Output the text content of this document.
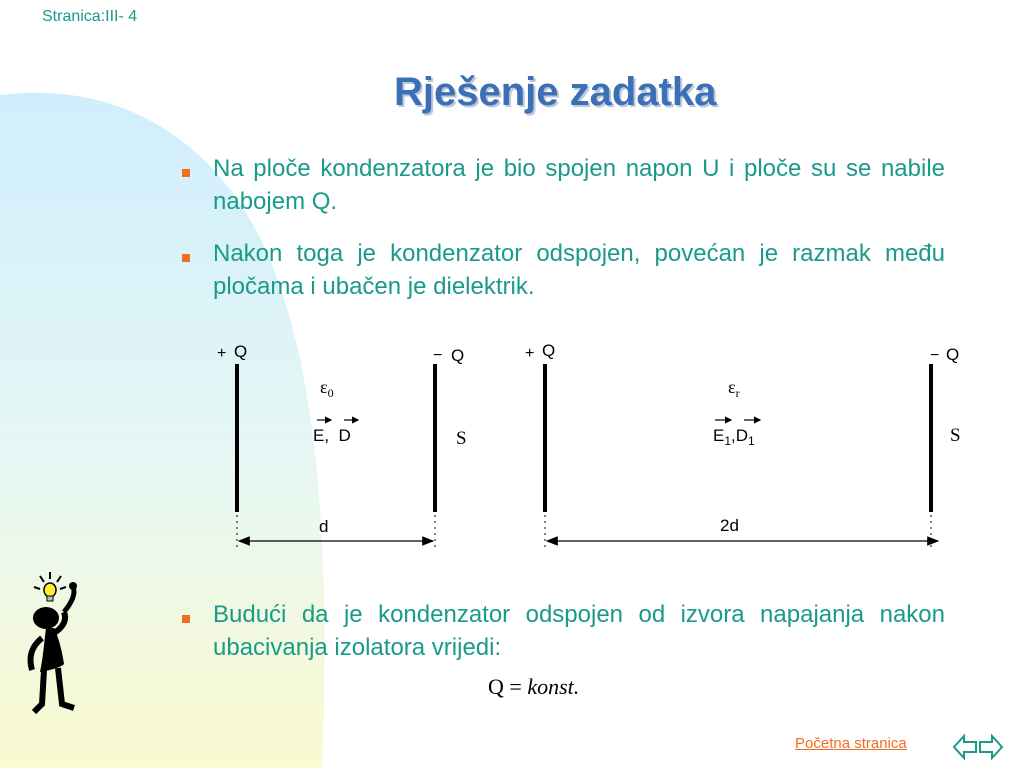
Stranica:III- 4
Rješenje zadatka
Na ploče kondenzatora je bio spojen napon U i ploče su se nabile nabojem Q.
Nakon toga je kondenzator odspojen, povećan je razmak među pločama i ubačen je dielektrik.
+ Q	− Q
$\varepsilon_0$
E,  D	S
d
+ Q	− Q
$\varepsilon_r$
$E_1,D_1$	S
2d
Budući da je kondenzator odspojen od izvora napajanja nakon ubacivanja izolatora vrijedi:
Q = konst.
Početna stranica
